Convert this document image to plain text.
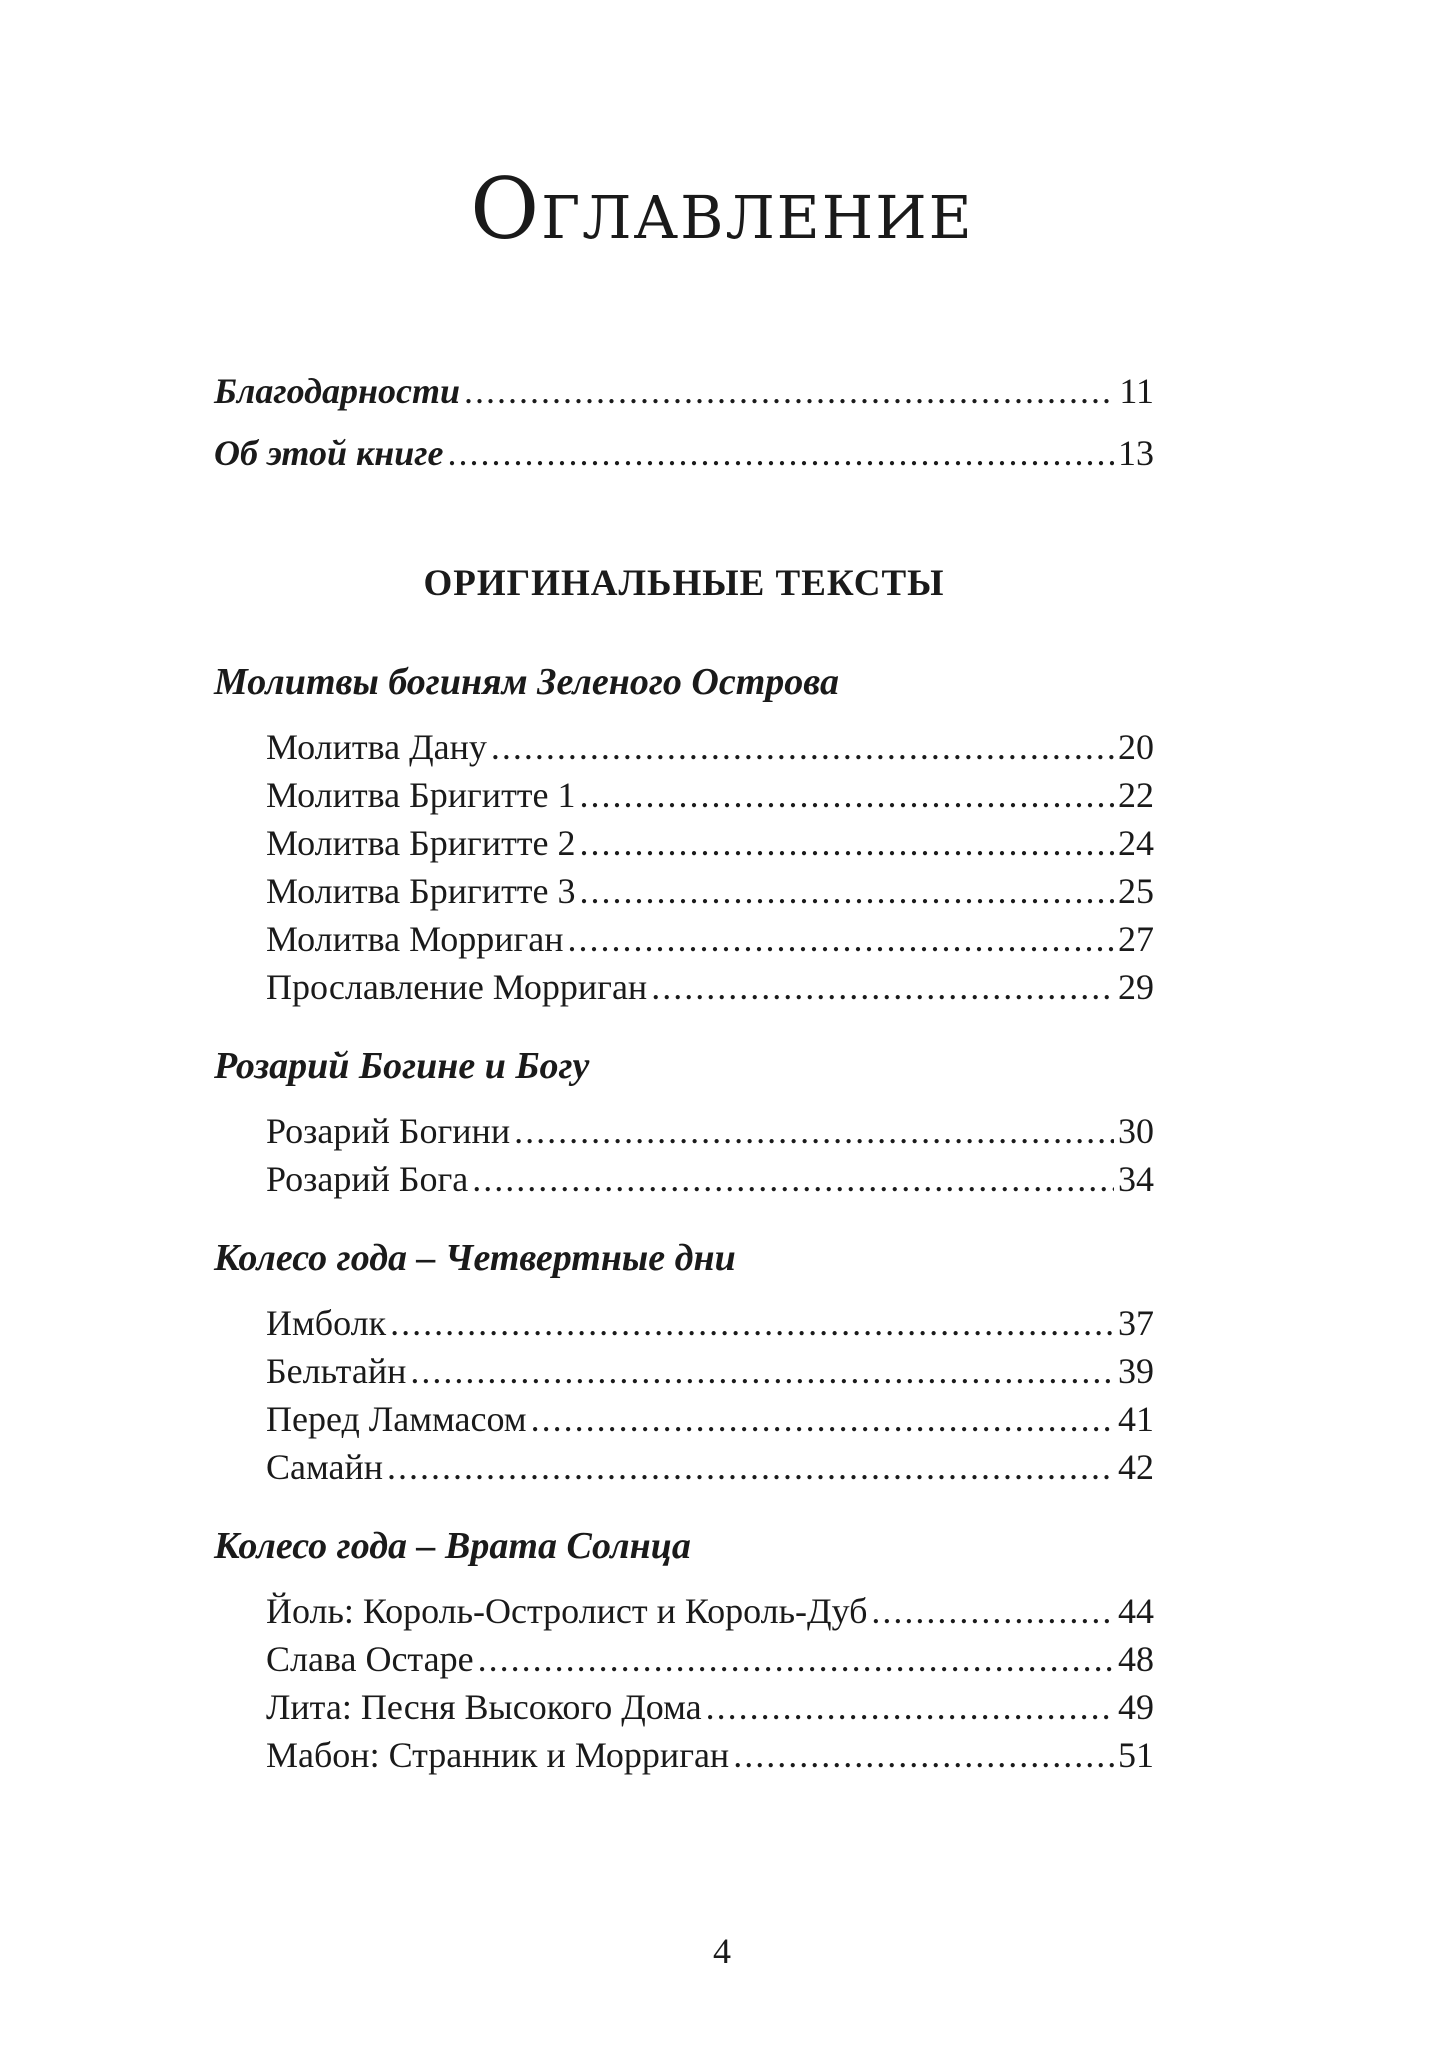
Оглавление
Благодарности .....	11
Об этой книге .....	13
ОРИГИНАЛЬНЫЕ ТЕКСТЫ
Молитвы богиням Зеленого Острова
Молитва Дану .....	20
Молитва Бригитте 1 .....	22
Молитва Бригитте 2 .....	24
Молитва Бригитте 3 .....	25
Молитва Морриган .....	27
Прославление Морриган .....	29
Розарий Богине и Богу
Розарий Богини .....	30
Розарий Бога .....	34
Колесо года – Четвертные дни
Имболк .....	37
Бельтайн .....	39
Перед Ламмасом .....	41
Самайн .....	42
Колесо года – Врата Солнца
Йоль: Король-Остролист и Король-Дуб .....	44
Слава Остаре .....	48
Лита: Песня Высокого Дома .....	49
Мабон: Странник и Морриган .....	51
4
